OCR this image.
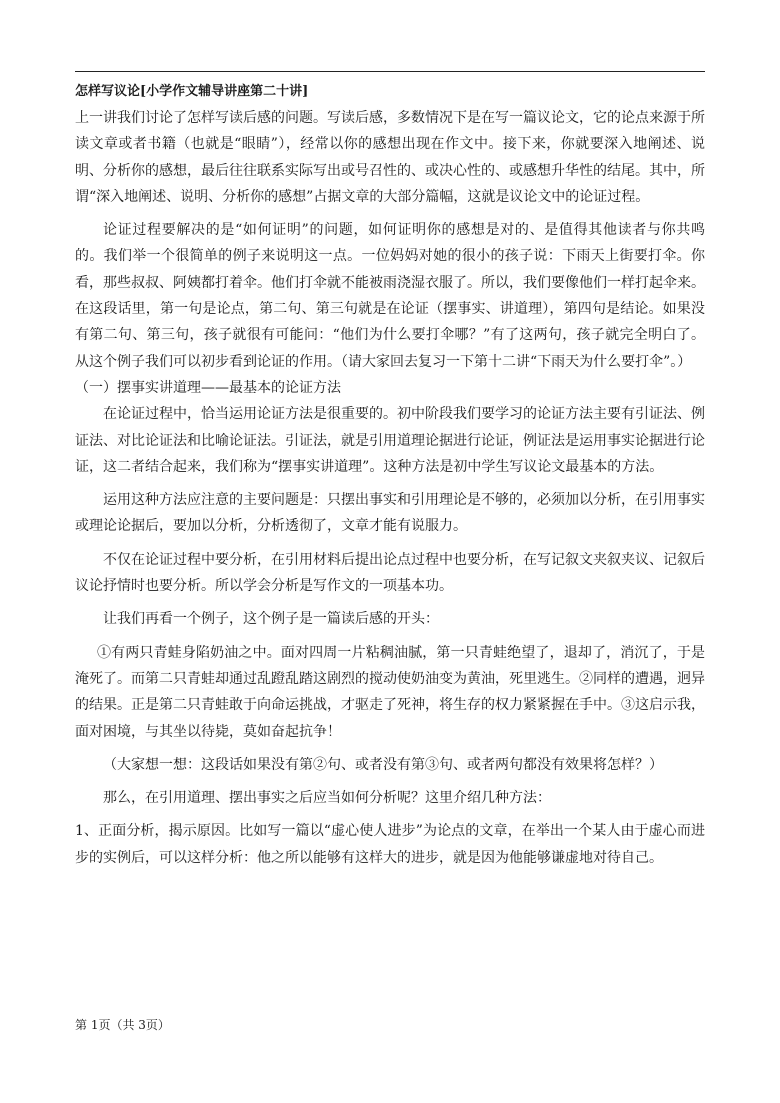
怎样写议论[小学作文辅导讲座第二十讲]

上一讲我们讨论了怎样写读后感的问题。写读后感，多数情况下是在写一篇议论文，它的论点来源于所读文章或者书籍（也就是“眼睛”），经常以你的感想出现在作文中。接下来，你就要深入地阐述、说明、分析你的感想，最后往往联系实际写出或号召性的、或决心性的、或感想升华性的结尾。其中，所谓“深入地阐述、说明、分析你的感想”占据文章的大部分篇幅，这就是议论文中的论证过程。

论证过程要解决的是“如何证明”的问题，如何证明你的感想是对的、是值得其他读者与你共鸣的。我们举一个很简单的例子来说明这一点。一位妈妈对她的很小的孩子说：下雨天上街要打伞。你看，那些叔叔、阿姨都打着伞。他们打伞就不能被雨浇湿衣服了。所以，我们要像他们一样打起伞来。在这段话里，第一句是论点，第二句、第三句就是在论证（摆事实、讲道理），第四句是结论。如果没有第二句、第三句，孩子就很有可能问：“他们为什么要打伞哪？”有了这两句，孩子就完全明白了。从这个例子我们可以初步看到论证的作用。（请大家回去复习一下第十二讲“下雨天为什么要打伞”。）

（一）摆事实讲道理——最基本的论证方法

在论证过程中，恰当运用论证方法是很重要的。初中阶段我们要学习的论证方法主要有引证法、例证法、对比论证法和比喻论证法。引证法，就是引用道理论据进行论证，例证法是运用事实论据进行论证，这二者结合起来，我们称为“摆事实讲道理”。这种方法是初中学生写议论文最基本的方法。

运用这种方法应注意的主要问题是：只摆出事实和引用理论是不够的，必须加以分析，在引用事实或理论论据后，要加以分析，分析透彻了，文章才能有说服力。

不仅在论证过程中要分析，在引用材料后提出论点过程中也要分析，在写记叙文夹叙夹议、记叙后议论抒情时也要分析。所以学会分析是写作文的一项基本功。

让我们再看一个例子，这个例子是一篇读后感的开头：

①有两只青蛙身陷奶油之中。面对四周一片粘稠油腻，第一只青蛙绝望了，退却了，消沉了，于是淹死了。而第二只青蛙却通过乱蹬乱踏这剧烈的搅动使奶油变为黄油，死里逃生。②同样的遭遇，迥异的结果。正是第二只青蛙敢于向命运挑战，才驱走了死神，将生存的权力紧紧握在手中。③这启示我，面对困境，与其坐以待毙，莫如奋起抗争！

（大家想一想：这段话如果没有第②句、或者没有第③句、或者两句都没有效果将怎样？）

那么，在引用道理、摆出事实之后应当如何分析呢？这里介绍几种方法：

1、正面分析，揭示原因。比如写一篇以“虚心使人进步”为论点的文章，在举出一个某人由于虚心而进步的实例后，可以这样分析：他之所以能够有这样大的进步，就是因为他能够谦虚地对待自己。

第 1页（共 3页）
